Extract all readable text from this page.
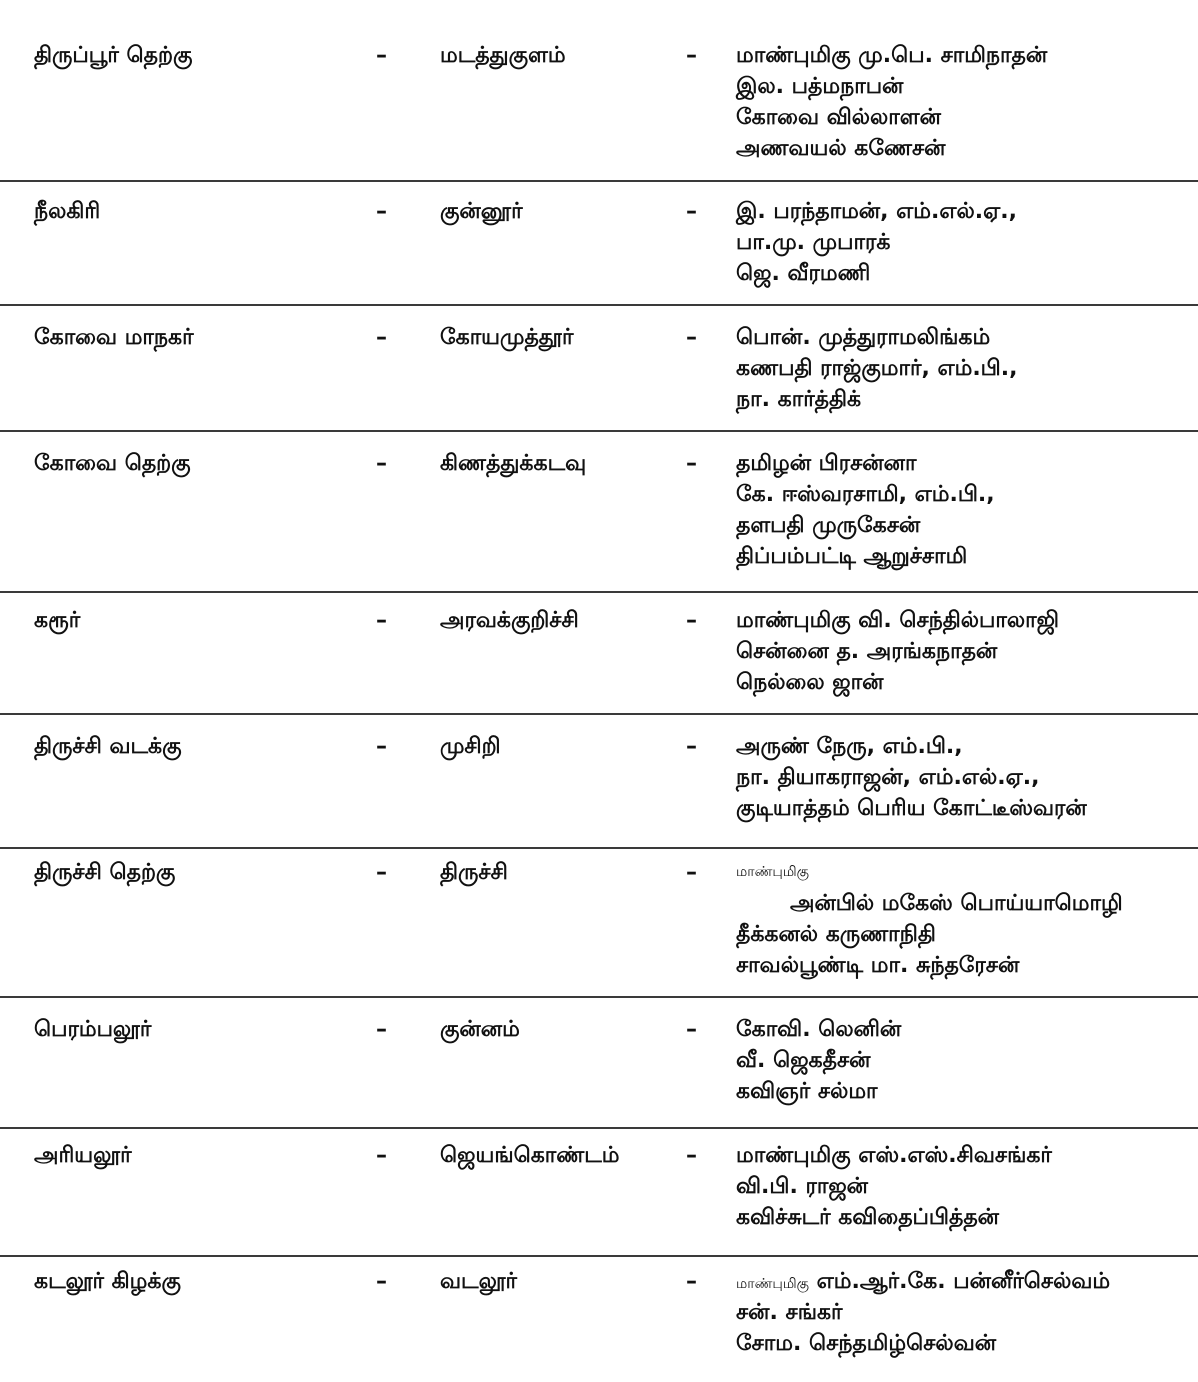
திருப்பூர் தெற்கு	– மடத்துகுளம்	– மாண்புமிகு மு.பெ. சாமிநாதன்
இல. பத்மநாபன்
கோவை வில்லாளன்
அணவயல் கணேசன்
நீலகிரி	– குன்னூர்	– இ. பரந்தாமன், எம்.எல்.ஏ.,
பா.மு. முபாரக்
ஜெ. வீரமணி
கோவை மாநகர்	– கோயமுத்தூர்	– பொன். முத்துராமலிங்கம்
கணபதி ராஜ்குமார், எம்.பி.,
நா. கார்த்திக்
கோவை தெற்கு	– கிணத்துக்கடவு	– தமிழன் பிரசன்னா
கே. ஈஸ்வரசாமி, எம்.பி.,
தளபதி முருகேசன்
திப்பம்பட்டி ஆறுச்சாமி
கரூர்	– அரவக்குறிச்சி	– மாண்புமிகு வி. செந்தில்பாலாஜி
சென்னை த. அரங்கநாதன்
நெல்லை ஜான்
திருச்சி வடக்கு	– முசிறி	– அருண் நேரு, எம்.பி.,
நா. தியாகராஜன், எம்.எல்.ஏ.,
குடியாத்தம் பெரிய கோட்டீஸ்வரன்
திருச்சி தெற்கு	– திருச்சி	–	மாண்புமிகு
அன்பில் மகேஸ் பொய்யாமொழி
தீக்கனல் கருணாநிதி
சாவல்பூண்டி மா. சுந்தரேசன்
பெரம்பலூர்	– குன்னம்	– கோவி. லெனின்
வீ. ஜெகதீசன்
கவிஞர் சல்மா
அரியலூர்	– ஜெயங்கொண்டம்	– மாண்புமிகு எஸ்.எஸ்.சிவசங்கர்
வி.பி. ராஜன்
கவிச்சுடர் கவிதைப்பித்தன்
கடலூர் கிழக்கு	– வடலூர்	–	மாண்புமிகு எம்.ஆர்.கே. பன்னீர்செல்வம்
சன். சங்கர்
சோம. செந்தமிழ்செல்வன்
